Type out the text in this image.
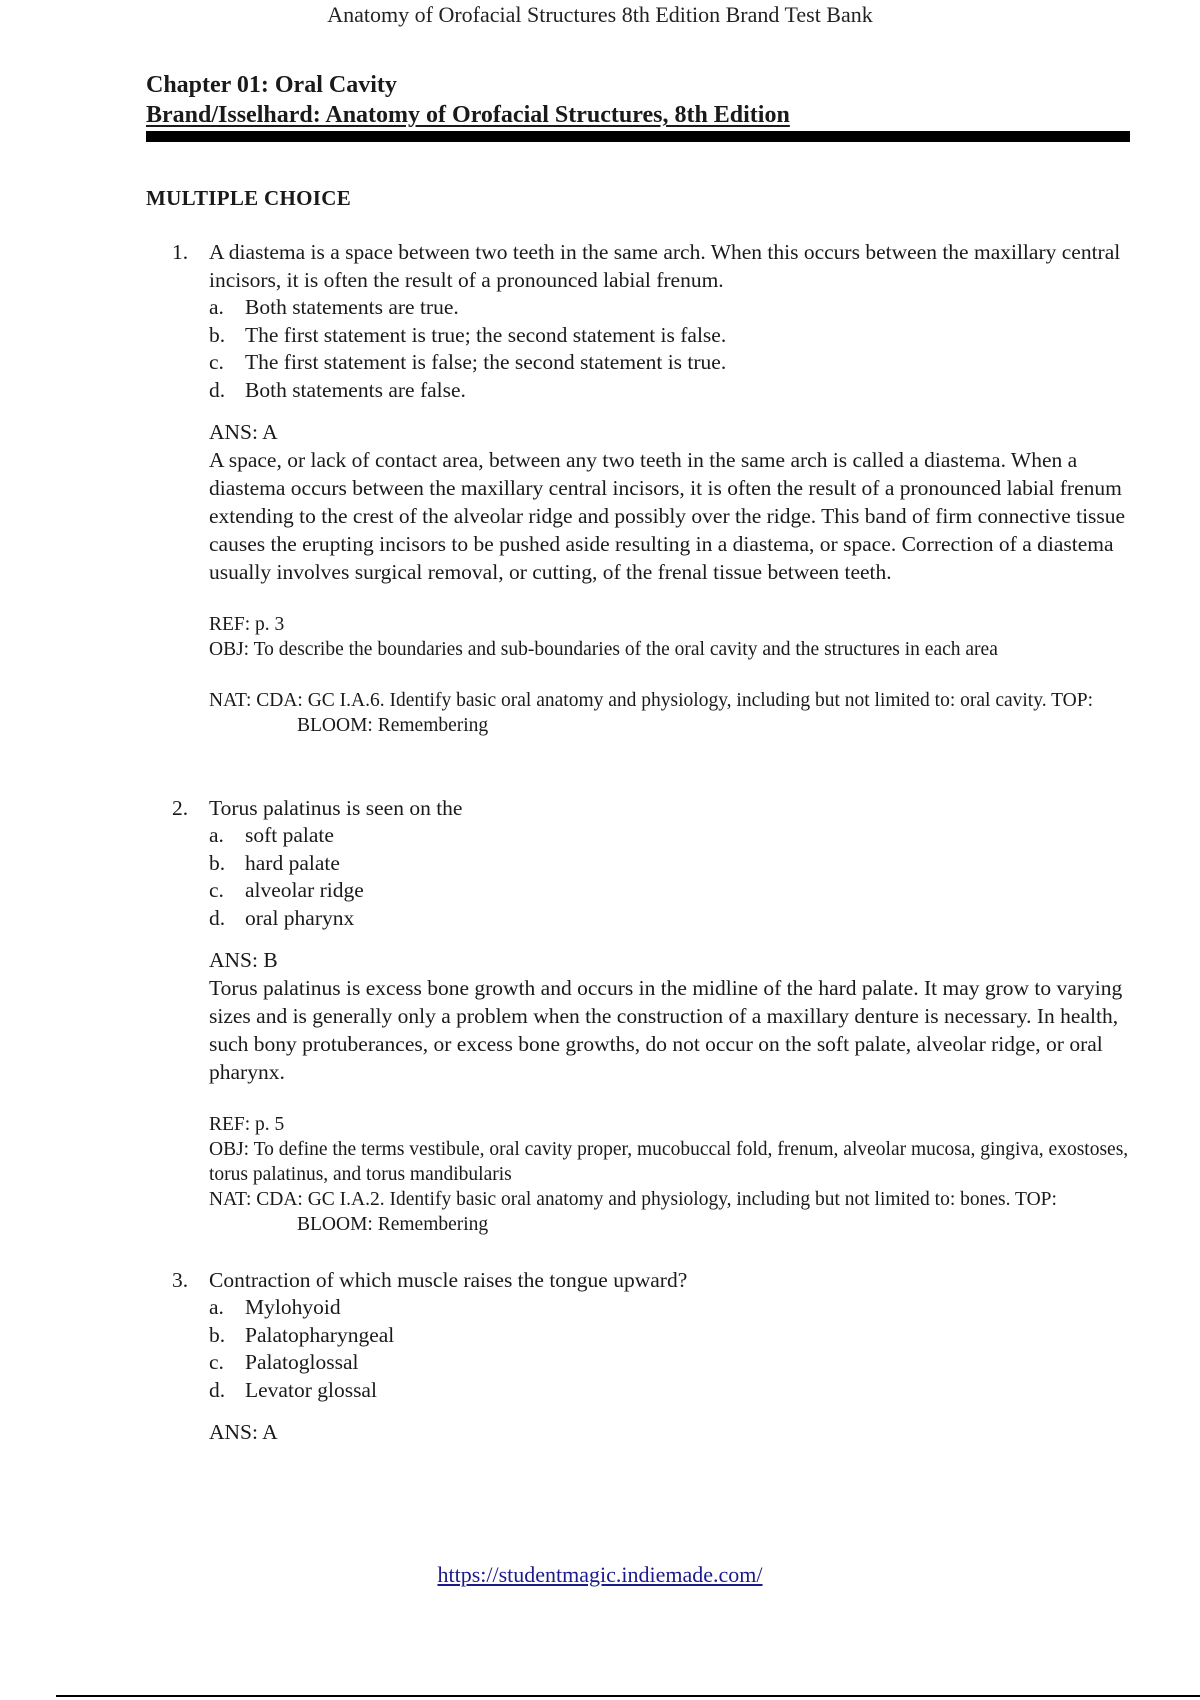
Anatomy of Orofacial Structures 8th Edition Brand Test Bank
Chapter 01: Oral Cavity
Brand/Isselhard: Anatomy of Orofacial Structures, 8th Edition
MULTIPLE CHOICE
1. A diastema is a space between two teeth in the same arch. When this occurs between the maxillary central incisors, it is often the result of a pronounced labial frenum.

a. Both statements are true.
b. The first statement is true; the second statement is false.
c. The first statement is false; the second statement is true.
d. Both statements are false.
ANS: A

A space, or lack of contact area, between any two teeth in the same arch is called a diastema. When a diastema occurs between the maxillary central incisors, it is often the result of a pronounced labial frenum extending to the crest of the alveolar ridge and possibly over the ridge. This band of firm connective tissue causes the erupting incisors to be pushed aside resulting in a diastema, or space. Correction of a diastema usually involves surgical removal, or cutting, of the frenal tissue between teeth.

REF: p. 3

OBJ: To describe the boundaries and sub-boundaries of the oral cavity and the structures in each area

NAT: CDA: GC I.A.6. Identify basic oral anatomy and physiology, including but not limited to: oral cavity. TOP:BLOOM: Remembering
2. Torus palatinus is seen on the

a. soft palate
b. hard palate
c. alveolar ridge
d. oral pharynx
ANS: B

Torus palatinus is excess bone growth and occurs in the midline of the hard palate. It may grow to varying sizes and is generally only a problem when the construction of a maxillary denture is necessary. In health, such bony protuberances, or excess bone growths, do not occur on the soft palate, alveolar ridge, or oral pharynx.

REF: p. 5

OBJ: To define the terms vestibule, oral cavity proper, mucobuccal fold, frenum, alveolar mucosa, gingiva, exostoses, torus palatinus, and torus mandibularis

NAT: CDA: GC I.A.2. Identify basic oral anatomy and physiology, including but not limited to: bones. TOP:BLOOM: Remembering

3. Contraction of which muscle raises the tongue upward?

a. Mylohyoid
b. Palatopharyngeal
c. Palatoglossal
d. Levator glossal
ANS: A
https://studentmagic.indiemade.com/
